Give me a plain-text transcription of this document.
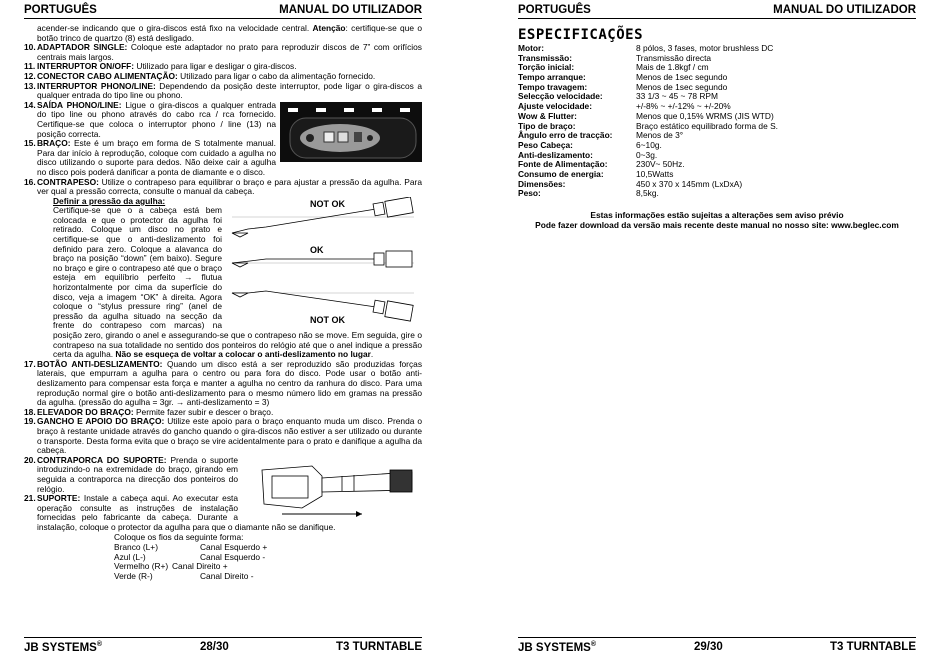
PORTUGUÊS	MANUAL DO UTILIZADOR
acender-se indicando que o gira-discos está fixo na velocidade central. Atenção: certifique-se que o botão trinco de quartzo (8) está desligado.
10. ADAPTADOR SINGLE: Coloque este adaptador no prato para reproduzir discos de 7” com orifícios centrais mais largos.
11. INTERRUPTOR ON/OFF: Utilizado para ligar e desligar o gira-discos.
12. CONECTOR CABO ALIMENTAÇÃO: Utilizado para ligar o cabo da alimentação fornecido.
13. INTERRUPTOR PHONO/LINE: Dependendo da posição deste interruptor, pode ligar o gira-discos a qualquer entrada do tipo line ou phono.
14. SAÍDA PHONO/LINE: Ligue o gira-discos a qualquer entrada do tipo line ou phono através do cabo rca / rca fornecido. Certifique-se que coloca o interruptor phono / line (13) na posição correcta.
15. BRAÇO: Este é um braço em forma de S totalmente manual. Para dar início à reprodução, coloque com cuidado a agulha no disco utilizando o suporte para dedos. Não deixe cair a agulha no disco pois poderá danificar a ponta de diamante e o disco.
16. CONTRAPESO: Utilize o contrapeso para equilibrar o braço e para ajustar a pressão da agulha. Para ver qual a pressão correcta, consulte o manual da cabeça.
NOT OK
OK
NOT OK
Definir a pressão da agulha:
Certifique-se que o a cabeça está bem colocada e que o protector da agulha foi retirado. Coloque um disco no prato e certifique-se que o anti-deslizamento foi definido para zero. Coloque a alavanca do braço na posição “down” (em baixo). Segure no braço e gire o contrapeso até que o braço esteja em equilíbrio perfeito → flutua horizontalmente por cima da superfície do disco, veja a imagem “OK” à direita. Agora coloque o “stylus pressure ring” (anel de pressão da agulha situado na secção da frente do contrapeso com marcas) na posição zero, girando o anel e assegurando-se que o contrapeso não se move. Em seguida, gire o contrapeso na sua totalidade no sentido dos ponteiros do relógio até que o anel indique a pressão certa da agulha. Não se esqueça de voltar a colocar o anti-deslizamento no lugar.
17. BOTÃO ANTI-DESLIZAMENTO: Quando um disco está a ser reproduzido são produzidas forças laterais, que empurram a agulha para o centro ou para fora do disco. Pode usar o botão anti-deslizamento para compensar esta força e manter a agulha no centro da ranhura do disco. Para uma reprodução normal gire o botão anti-deslizamento para o mesmo número lido em gramas na pressão da agulha. (pressão do agulha = 3gr. → anti-deslizamento = 3)
18. ELEVADOR DO BRAÇO: Permite fazer subir e descer o braço.
19. GANCHO E APOIO DO BRAÇO: Utilize este apoio para o braço enquanto muda um disco. Prenda o braço à restante unidade através do gancho quando o gira-discos não estiver a ser utilizado ou durante o transporte. Desta forma evita que o braço se vire acidentalmente para o prato e danifique a agulha da cabeça.
20. CONTRAPORCA DO SUPORTE: Prenda o suporte introduzindo-o na extremidade do braço, girando em seguida a contraporca na direcção dos ponteiros do relógio.
21. SUPORTE: Instale a cabeça aqui. Ao executar esta operação consulte as instruções de instalação fornecidas pelo fabricante da cabeça. Durante a instalação, coloque o protector da agulha para que o diamante não se danifique.
Coloque os fios da seguinte forma:
Branco (L+)	Canal Esquerdo +
Azul (L-)	Canal Esquerdo -
Vermelho (R+) Canal Direito +
Verde (R-)	Canal Direito -
JB SYSTEMS®	28/30	T3 TURNTABLE
PORTUGUÊS	MANUAL DO UTILIZADOR
ESPECIFICAÇÕES
Motor:	8 pólos, 3 fases, motor brushless DC
Transmissão:	Transmissão directa
Torção inicial:	Mais de 1.8kgf / cm
Tempo arranque:	Menos de 1sec segundo
Tempo travagem:	Menos de 1sec segundo
Selecção velocidade:	33 1/3 ~ 45 ~ 78 RPM
Ajuste velocidade:	+/-8% ~ +/-12% ~ +/-20%
Wow & Flutter:	Menos que 0,15% WRMS (JIS WTD)
Tipo de braço:	Braço estático equilibrado forma de S.
Ângulo erro de tracção:	Menos de 3°
Peso Cabeça:	6~10g.
Anti-deslizamento:	0~3g.
Fonte de Alimentação:	230V~ 50Hz.
Consumo de energia:	10,5Watts
Dimensões:	450 x 370 x 145mm (LxDxA)
Peso:	8,5kg.
Estas informações estão sujeitas a alterações sem aviso prévio
Pode fazer download da versão mais recente deste manual no nosso site: www.beglec.com
JB SYSTEMS®	29/30	T3 TURNTABLE
